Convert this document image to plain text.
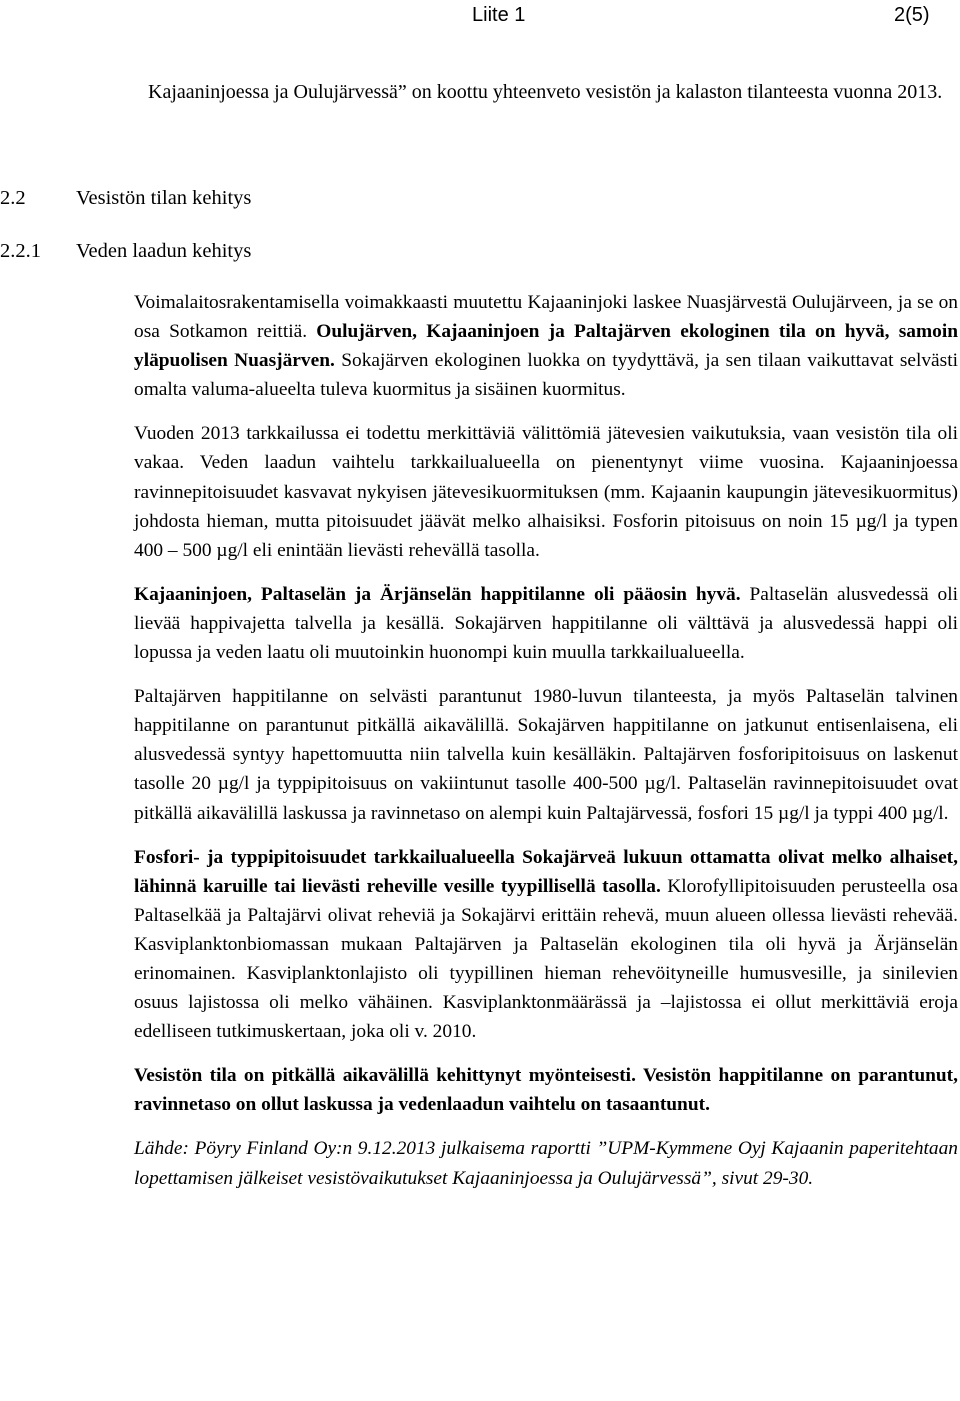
Liite 1	2(5)
Kajaaninjoessa ja Oulujärvessä” on koottu yhteenveto vesistön ja kalaston tilanteesta vuonna 2013.
2.2 Vesistön tilan kehitys
2.2.1 Veden laadun kehitys

Voimalaitosrakentamisella voimakkaasti muutettu Kajaaninjoki laskee Nuasjärvestä Oulujärveen, ja se on osa Sotkamon reittiä. Oulujärven, Kajaaninjoen ja Paltajärven ekologinen tila on hyvä, samoin yläpuolisen Nuasjärven. Sokajärven ekologinen luokka on tyydyttävä, ja sen tilaan vaikuttavat selvästi omalta valuma-alueelta tuleva kuormitus ja sisäinen kuormitus.

Vuoden 2013 tarkkailussa ei todettu merkittäviä välittömiä jätevesien vaikutuksia, vaan vesistön tila oli vakaa. Veden laadun vaihtelu tarkkailualueella on pienentynyt viime vuosina. Kajaaninjoessa ravinnepitoisuudet kasvavat nykyisen jätevesikuormituksen (mm. Kajaanin kaupungin jätevesikuormitus) johdosta hieman, mutta pitoisuudet jäävät melko alhaisiksi. Fosforin pitoisuus on noin 15 µg/l ja typen 400 – 500 µg/l eli enintään lievästi rehevällä tasolla.

Kajaaninjoen, Paltaselän ja Ärjänselän happitilanne oli pääosin hyvä. Paltaselän alusvedessä oli lievää happivajetta talvella ja kesällä. Sokajärven happitilanne oli välttävä ja alusvedessä happi oli lopussa ja veden laatu oli muutoinkin huonompi kuin muulla tarkkailualueella.

Paltajärven happitilanne on selvästi parantunut 1980-luvun tilanteesta, ja myös Paltaselän talvinen happitilanne on parantunut pitkällä aikavälillä. Sokajärven happitilanne on jatkunut entisenlaisena, eli alusvedessä syntyy hapettomuutta niin talvella kuin kesälläkin. Paltajärven fosforipitoisuus on laskenut tasolle 20 µg/l ja typpipitoisuus on vakiintunut tasolle 400-500 µg/l. Paltaselän ravinnepitoisuudet ovat pitkällä aikavälillä laskussa ja ravinnetaso on alempi kuin Paltajärvessä, fosfori 15 µg/l ja typpi 400 µg/l.

Fosfori- ja typpipitoisuudet tarkkailualueella Sokajärveä lukuun ottamatta olivat melko alhaiset, lähinnä karuille tai lievästi reheville vesille tyypillisellä tasolla. Klorofyllipitoisuuden perusteella osa Paltaselkää ja Paltajärvi olivat reheviä ja Sokajärvi erittäin rehevä, muun alueen ollessa lievästi rehevää. Kasviplanktonbiomassan mukaan Paltajärven ja Paltaselän ekologinen tila oli hyvä ja Ärjänselän erinomainen. Kasviplanktonlajisto oli tyypillinen hieman rehevöityneille humusvesille, ja sinilevien osuus lajistossa oli melko vähäinen. Kasviplanktonmäärässä ja –lajistossa ei ollut merkittäviä eroja edelliseen tutkimuskertaan, joka oli v. 2010.

Vesistön tila on pitkällä aikavälillä kehittynyt myönteisesti. Vesistön happitilanne on parantunut, ravinnetaso on ollut laskussa ja vedenlaadun vaihtelu on tasaantunut.

Lähde: Pöyry Finland Oy:n 9.12.2013 julkaisema raportti ”UPM-Kymmene Oyj Kajaanin paperitehtaan lopettamisen jälkeiset vesistövaikutukset Kajaaninjoessa ja Oulujärvessä”, sivut 29-30.
